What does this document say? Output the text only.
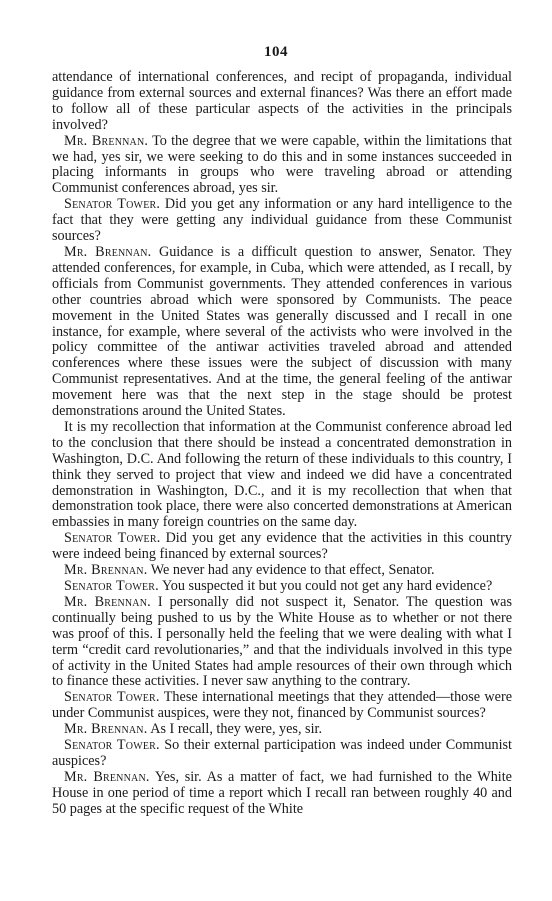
104

attendance of international conferences, and recipt of propaganda, individual guidance from external sources and external finances? Was there an effort made to follow all of these particular aspects of the activities in the principals involved?

Mr. Brennan. To the degree that we were capable, within the limitations that we had, yes sir, we were seeking to do this and in some instances succeeded in placing informants in groups who were traveling abroad or attending Communist conferences abroad, yes sir.

Senator Tower. Did you get any information or any hard intelligence to the fact that they were getting any individual guidance from these Communist sources?

Mr. Brennan. Guidance is a difficult question to answer, Senator. They attended conferences, for example, in Cuba, which were attended, as I recall, by officials from Communist governments. They attended conferences in various other countries abroad which were sponsored by Communists. The peace movement in the United States was generally discussed and I recall in one instance, for example, where several of the activists who were involved in the policy committee of the antiwar activities traveled abroad and attended conferences where these issues were the subject of discussion with many Communist representatives. And at the time, the general feeling of the antiwar movement here was that the next step in the stage should be protest demonstrations around the United States.

It is my recollection that information at the Communist conference abroad led to the conclusion that there should be instead a concentrated demonstration in Washington, D.C. And following the return of these individuals to this country, I think they served to project that view and indeed we did have a concentrated demonstration in Washington, D.C., and it is my recollection that when that demonstration took place, there were also concerted demonstrations at American embassies in many foreign countries on the same day.

Senator Tower. Did you get any evidence that the activities in this country were indeed being financed by external sources?

Mr. Brennan. We never had any evidence to that effect, Senator.

Senator Tower. You suspected it but you could not get any hard evidence?

Mr. Brennan. I personally did not suspect it, Senator. The question was continually being pushed to us by the White House as to whether or not there was proof of this. I personally held the feeling that we were dealing with what I term “credit card revolutionaries,” and that the individuals involved in this type of activity in the United States had ample resources of their own through which to finance these activities. I never saw anything to the contrary.

Senator Tower. These international meetings that they attended—those were under Communist auspices, were they not, financed by Communist sources?

Mr. Brennan. As I recall, they were, yes, sir.

Senator Tower. So their external participation was indeed under Communist auspices?

Mr. Brennan. Yes, sir. As a matter of fact, we had furnished to the White House in one period of time a report which I recall ran between roughly 40 and 50 pages at the specific request of the White
